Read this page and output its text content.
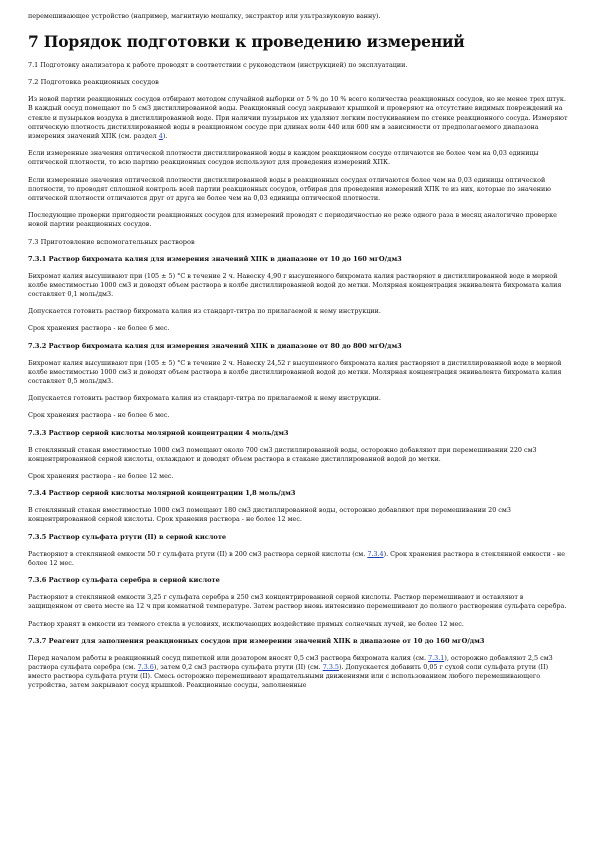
перемешивающее устройство (например, магнитную мешалку, экстрактор или ультразвуковую ванну).

7 Порядок подготовки к проведению измерений

7.1 Подготовку анализатора к работе проводят в соответствии с руководством (инструкцией) по эксплуатации.

7.2 Подготовка реакционных сосудов

Из новой партии реакционных сосудов отбирают методом случайной выборки от 5 % до 10 % всего количества реакционных сосудов, но не менее трех штук. В каждый сосуд помещают по 5 см3 дистиллированной воды. Реакционный сосуд закрывают крышкой и проверяют на отсутствие видимых повреждений на стекле и пузырьков воздуха в дистиллированной воде. При наличии пузырьков их удаляют легким постукиванием по стенке реакционного сосуда. Измеряют оптическую плотность дистиллированной воды в реакционном сосуде при длинах волн 440 или 600 нм в зависимости от предполагаемого диапазона измерения значений ХПК (см. раздел 4).

Если измеренные значения оптической плотности дистиллированной воды в каждом реакционном сосуде отличаются не более чем на 0,03 единицы оптической плотности, то всю партию реакционных сосудов используют для проведения измерений ХПК.

Если измеренные значения оптической плотности дистиллированной воды в реакционных сосудах отличаются более чем на 0,03 единицы оптической плотности, то проводят сплошной контроль всей партии реакционных сосудов, отбирая для проведения измерений ХПК те из них, которые по значению оптической плотности отличаются друг от друга не более чем на 0,03 единицы оптической плотности.

Последующие проверки пригодности реакционных сосудов для измерений проводят с периодичностью не реже одного раза в месяц аналогично проверке новой партии реакционных сосудов.

7.3 Приготовление вспомогательных растворов
7.3.1 Раствор бихромата калия для измерения значений ХПК в диапазоне от 10 до 160 мгО/дм3

Бихромат калия высушивают при (105 ± 5) °С в течение 2 ч. Навеску 4,90 г высушенного бихромата калия растворяют в дистиллированной воде в мерной колбе вместимостью 1000 см3 и доводят объем раствора в колбе дистиллированной водой до метки. Молярная концентрация эквивалента бихромата калия составляет 0,1 моль/дм3.

Допускается готовить раствор бихромата калия из стандарт-титра по прилагаемой к нему инструкции.

Срок хранения раствора - не более 6 мес.

7.3.2 Раствор бихромата калия для измерения значений ХПК в диапазоне от 80 до 800 мгО/дм3

Бихромат калия высушивают при (105 ± 5) °С в течение 2 ч. Навеску 24,52 г высушенного бихромата калия растворяют в дистиллированной воде в мерной колбе вместимостью 1000 см3 и доводят объем раствора в колбе дистиллированной водой до метки. Молярная концентрация эквивалента бихромата калия составляет 0,5 моль/дм3.

Допускается готовить раствор бихромата калия из стандарт-титра по прилагаемой к нему инструкции.

Срок хранения раствора - не более 6 мес.

7.3.3 Раствор серной кислоты молярной концентрации 4 моль/дм3

В стеклянный стакан вместимостью 1000 см3 помещают около 700 см3 дистиллированной воды, осторожно добавляют при перемешивании 220 см3 концентрированной серной кислоты, охлаждают и доводят объем раствора в стакане дистиллированной водой до метки.

Срок хранения раствора - не более 12 мес.

7.3.4 Раствор серной кислоты молярной концентрации 1,8 моль/дм3

В стеклянный стакан вместимостью 1000 см3 помещают 180 см3 дистиллированной воды, осторожно добавляют при перемешивании 20 см3 концентрированной серной кислоты. Срок хранения раствора - не более 12 мес.

7.3.5 Раствор сульфата ртути (II) в серной кислоте

Растворяют в стеклянной емкости 50 г сульфата ртути (II) в 200 см3 раствора серной кислоты (см. 7.3.4). Срок хранения раствора в стеклянной емкости - не более 12 мес.

7.3.6 Раствор сульфата серебра в серной кислоте

Растворяют в стеклянной емкости 3,25 г сульфата серебра в 250 см3 концентрированной серной кислоты. Раствор перемешивают и оставляют в защищенном от света месте на 12 ч при комнатной температуре. Затем раствор вновь интенсивно перемешивают до полного растворения сульфата серебра.

Раствор хранят в емкости из темного стекла в условиях, исключающих воздействие прямых солнечных лучей, не более 12 мес.

7.3.7 Реагент для заполнения реакционных сосудов при измерении значений ХПК в диапазоне от 10 до 160 мгО/дм3

Перед началом работы в реакционный сосуд пипеткой или дозатором вносят 0,5 см3 раствора бихромата калия (см. 7.3.1), осторожно добавляют 2,5 см3 раствора сульфата серебра (см. 7.3.6), затем 0,2 см3 раствора сульфата ртути (II) (см. 7.3.5). Допускается добавить 0,05 г сухой соли сульфата ртути (II) вместо раствора сульфата ртути (II). Смесь осторожно перемешивают вращательными движениями или с использованием любого перемешивающего устройства, затем закрывают сосуд крышкой. Реакционные сосуды, заполненные
